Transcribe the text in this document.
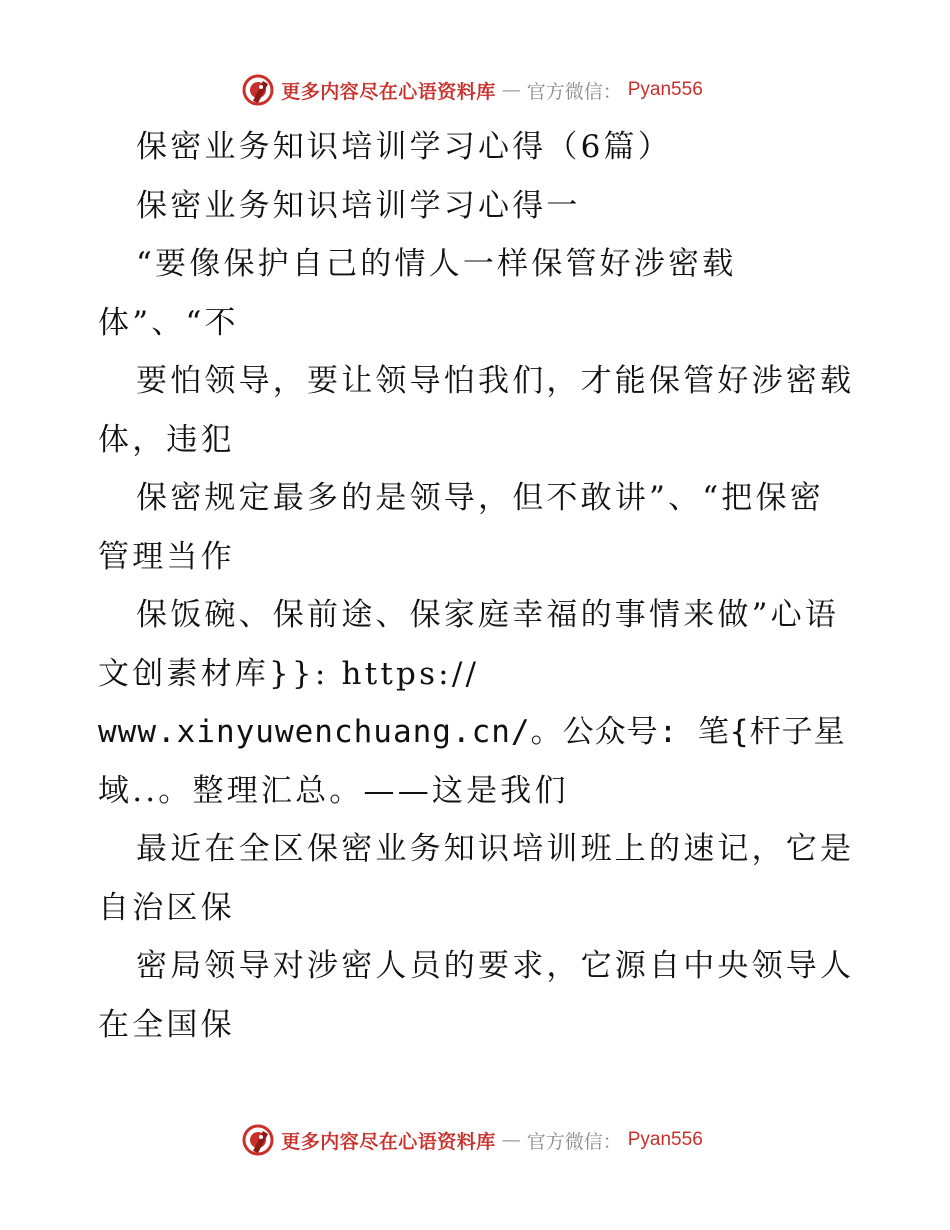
更多内容尽在心语资料库 — 官方微信： Pyan556
保密业务知识培训学习心得（6篇）
保密业务知识培训学习心得一
“要像保护自己的情人一样保管好涉密载
体”、“不
要怕领导，要让领导怕我们，才能保管好涉密载
体，违犯
保密规定最多的是领导，但不敢讲”、“把保密
管理当作
保饭碗、保前途、保家庭幸福的事情来做”心语
文创素材库}}: https://
www.xinyuwenchuang.cn/。公众号: 笔{杆子星
域..。整理汇总。——这是我们
最近在全区保密业务知识培训班上的速记，它是
自治区保
密局领导对涉密人员的要求，它源自中央领导人
在全国保
更多内容尽在心语资料库 — 官方微信： Pyan556
